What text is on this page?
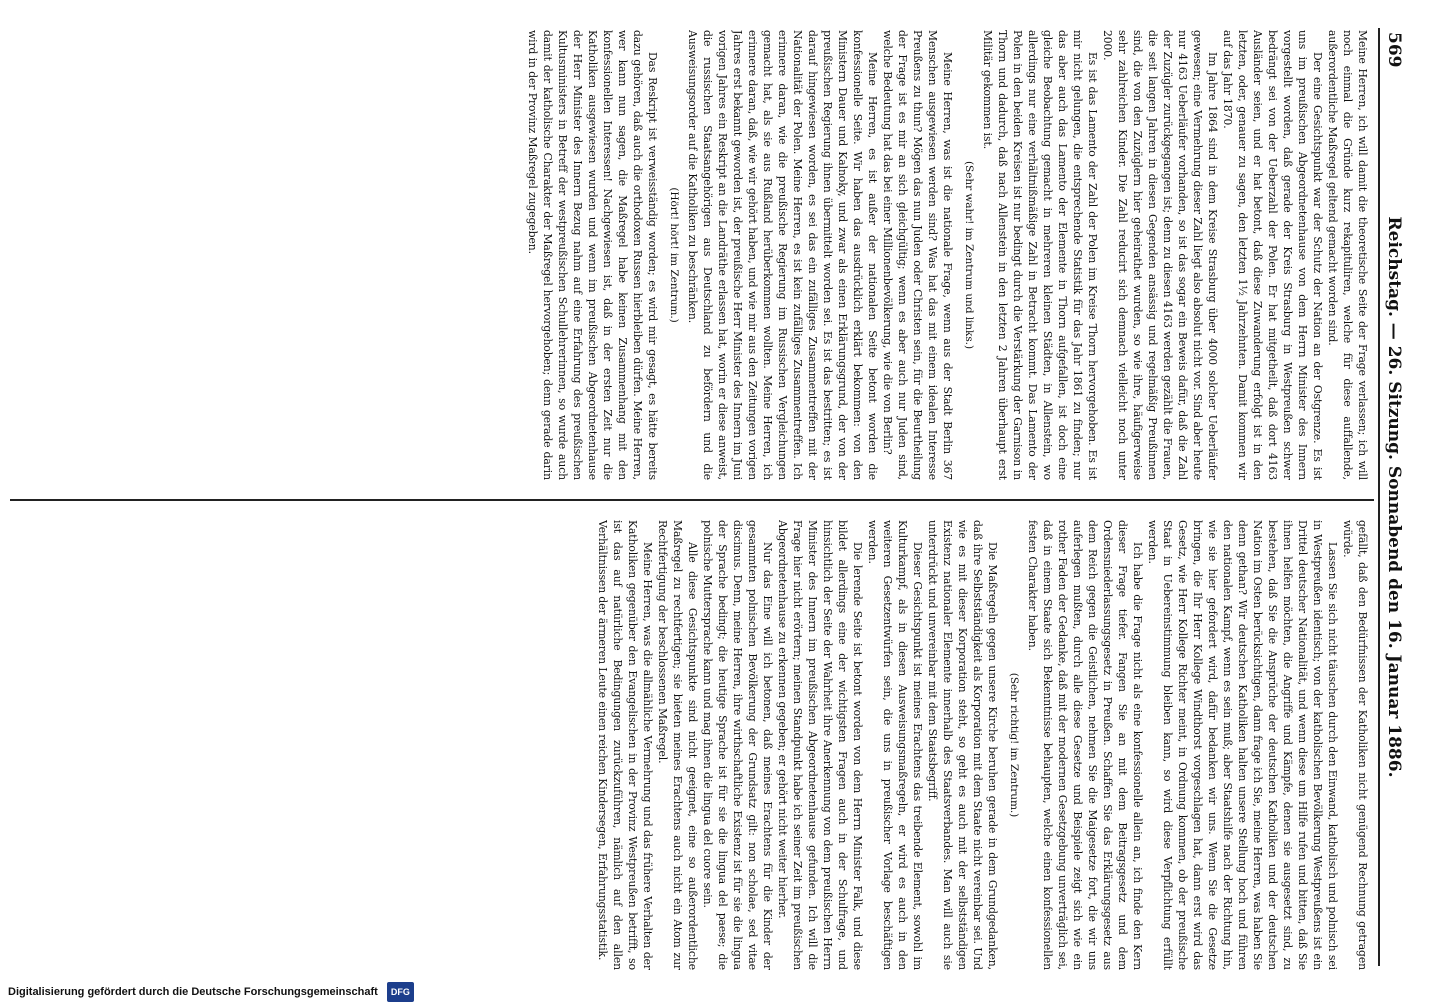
569
Reichstag. — 26. Sitzung. Sonnabend den 16. Januar 1886.

gefällt, daß den Bedürfnissen der Katholiken nicht genügend Rechnung getragen würde.

Lassen Sie sich nicht täuschen durch den Einwand, katholisch und polnisch sei in Westpreußen identisch; von der katholischen Bevölkerung Westpreußens ist ein Drittel deutscher Nationalität, und wenn diese um Hilfe rufen und bitten, daß Sie ihnen helfen möchten, die Angriffe und Kämpfe, denen sie ausgesetzt sind, zu bestehen, daß Sie die Ansprüche der deutschen Katholiken und der deutschen Nation im Osten berücksichtigen, dann frage ich Sie, meine Herren, was haben Sie denn gethan? Wir deutschen Katholiken halten unsere Stellung hoch und führen den nationalen Kampf, wenn es sein muß; aber Staatshilfe nach der Richtung hin, wie sie hier gefordert wird, dafür bedanken wir uns. Wenn Sie die Gesetze bringen, die Ihr Herr Kollege Windthorst vorgeschlagen hat, dann erst wird das Gesetz, wie Herr Kollege Richter meint, in Ordnung kommen, ob der preußische Staat in Uebereinstimmung bleiben kann, so wird diese Verpflichtung erfüllt werden.

Ich habe die Frage nicht als eine konfessionelle allein an, ich finde den Kern dieser Frage tiefer. Fangen Sie an mit dem Beitragsgesetz und dem Ordensniederlassungsgesetz in Preußen. Schaffen Sie das Erklärungsgesetz aus dem Reich gegen die Geistlichen, nehmen Sie die Maigesetze fort, die wir uns auferlegen mußten, durch alle diese Gesetze und Beispiele zeigt sich wie ein rother Faden der Gedanke, daß mit der modernen Gesetzgebung unverträglich sei, daß in einem Staate sich Bekenntnisse behaupten, welche einen konfessionellen festen Charakter haben.

(Sehr richtig! im Zentrum.)

Die Maßregeln gegen unsere Kirche beruhen gerade in dem Grundgedanken, daß ihre Selbstständigkeit als Korporation mit dem Staate nicht vereinbar sei. Und wie es mit dieser Korporation steht, so geht es auch mit der selbstständigen Existenz nationaler Elemente innerhalb des Staatsverbandes. Man will auch sie unterdrückt und unvereinbar mit dem Staatsbegriff.

Dieser Gesichtspunkt ist meines Erachtens das treibende Element, sowohl im Kulturkampf, als in diesen Ausweisungsmaßregeln, er wird es auch in den weiteren Gesetzentwürfen sein, die uns in preußischer Vorlage beschäftigen werden.

Die lerende Seite ist betont worden von dem Herrn Minister Falk, und diese bildet allerdings eine der wichtigsten Fragen auch in der Schulfrage, und hinsichtlich der Seite der Wahrheit ihre Anerkennung von dem preußischen Herrn Minister des Innern im preußischen Abgeordnetenhause gefunden. Ich will die Frage hier nicht erörtern; meinen Standpunkt habe ich seiner Zeit im preußischen Abgeordnetenhause zu erkennen gegeben; er gehört nicht weiter hierher.

Nur das Eine will ich betonen, daß meines Erachtens für die Kinder der gesammten polnischen Bevölkerung der Grundsatz gilt: non scholae, sed vitae discimus. Denn, meine Herren, ihre wirthschaftliche Existenz ist für sie die lingua der Sprache bedingt; die heutige Sprache ist für sie die lingua del paese; die polnische Muttersprache kann und mag ihnen die lingua del cuore sein.

Alle diese Gesichtspunkte sind nicht geeignet, eine so außerordentliche Maßregel zu rechtfertigen; sie bieten meines Erachtens auch nicht ein Atom zur Rechtfertigung der beschlossenen Maßregel.

Meine Herren, was die allmähliche Vermehrung und das frühere Verhalten der Katholiken gegenüber den Evangelischen in der Provinz Westpreußen betrifft, so ist das auf natürliche Bedingungen zurückzuführen, nämlich auf den allen Verhältnissen der ärmeren Leute einen reichen Kindersegen, Erfahrungsstatistik.

Meine Herren, ich will damit die theoretische Seite der Frage verlassen; ich will noch einmal die Gründe kurz rekapituliren, welche für diese auffallende, außerordentliche Maßregel geltend gemacht worden sind.

Der eine Gesichtspunkt war der Schutz der Nation an der Ostgrenze. Es ist uns im preußischen Abgeordnetenhause von dem Herrn Minister des Innern vorgestellt worden, daß gerade der Kreis Strasburg in Westpreußen schwer bedrängt sei von der Ueberzahl der Polen. Er hat mitgetheilt, daß dort 4163 Ausländer seien, und er hat betont, daß diese Zuwanderung erfolgt ist in den letzten, oder, genauer zu sagen, den letzten 1½ Jahrzehnten. Damit kommen wir auf das Jahr 1870.

Im Jahre 1864 sind in dem Kreise Strasburg über 4000 solcher Ueberläufer gewesen; eine Vermehrung dieser Zahl liegt also absolut nicht vor. Sind aber heute nur 4163 Ueberläufer vorhanden, so ist das sogar ein Beweis dafür, daß die Zahl der Zuzügler zurückgegangen ist; denn zu diesen 4163 werden gezählt die Frauen, die seit langen Jahren in diesen Gegenden ansässig und regelmäßig Preußinnen sind, die von den Zuzüglern hier geheirathet wurden, so wie ihre, häufigerweise sehr zahlreichen Kinder. Die Zahl reducirt sich demnach vielleicht noch unter 2000.

Es ist das Lamento der Zahl der Polen im Kreise Thorn hervorgehoben. Es ist mir nicht gelungen, die entsprechende Statistik für das Jahr 1861 zu finden; nur das aber auch das Lamento der Elemente in Thorn aufgefallen, ist doch eine gleiche Beobachtung gemacht in mehreren kleinen Städten, in Allenstein, wo allerdings nur eine verhältnißmäßige Zahl in Betracht kommt. Das Lamento der Polen in den beiden Kreisen ist nur bedingt durch die Verstärkung der Garnison in Thorn und dadurch, daß nach Allenstein in den letzten 2 Jahren überhaupt erst Militär gekommen ist.

(Sehr wahr! im Zentrum und links.)

Meine Herren, was ist die nationale Frage, wenn aus der Stadt Berlin 367 Menschen ausgewiesen werden sind? Was hat das mit einem idealen Interesse Preußens zu thun? Mögen das nun Juden oder Christen sein, für die Beurtheilung der Frage ist es mir an sich gleichgültig; wenn es aber auch nur Juden sind, welche Bedeutung hat das bei einer Millionenbevölkerung, wie die von Berlin?

Meine Herren, es ist außer der nationalen Seite betont worden die konfessionelle Seite. Wir haben das ausdrücklich erklärt bekommen: von den Ministern Dauer und Kalnoky, und zwar als einen Erklärungsgrund, der von der preußischen Regierung ihnen übermittelt worden sei. Es ist das bestritten; es ist darauf hingewiesen worden, es sei das ein zufälliges Zusammentreffen mit der Nationalität der Polen. Meine Herren, es ist kein zufälliges Zusammentreffen. Ich erinnere daran, wie die preußische Regierung im Russischen Vergleichungen gemacht hat, als sie aus Rußland herüberkommen wollten. Meine Herren, ich erinnere daran, daß, wie wir gehört haben, und wie mir aus den Zeitungen vorigen Jahres erst bekannt geworden ist, der preußische Herr Minister des Innern im Juni vorigen Jahres ein Reskript an die Landräthe erlassen hat, worin er diese anweist, die russischen Staatsangehörigen aus Deutschland zu befördern und die Ausweisungsorder auf die Katholiken zu beschränken.

(Hört! hört! im Zentrum.)

Das Reskript ist verweisständig worden; es wird mir gesagt, es hätte bereits dazu gehören, daß auch die orthodoxen Russen hierbleiben dürfen. Meine Herren, wer kann nun sagen, die Maßregel habe keinen Zusammenhang mit den konfessionellen Interessen! Nachgewiesen ist, daß in der ersten Zeit nur die Katholiken ausgewiesen wurden und wenn im preußischen Abgeordnetenhause der Herr Minister des Innern Bezug nahm auf eine Erfahrung des preußischen Kultusministers in Betreff der westpreußischen Schullehrerinnen, so wurde auch damit der katholische Charakter der Maßregel hervorgehoben; denn gerade darin wird in der Provinz Maßregel zugegeben.

Digitalisierung gefördert durch die Deutsche Forschungsgemeinschaft DFG
